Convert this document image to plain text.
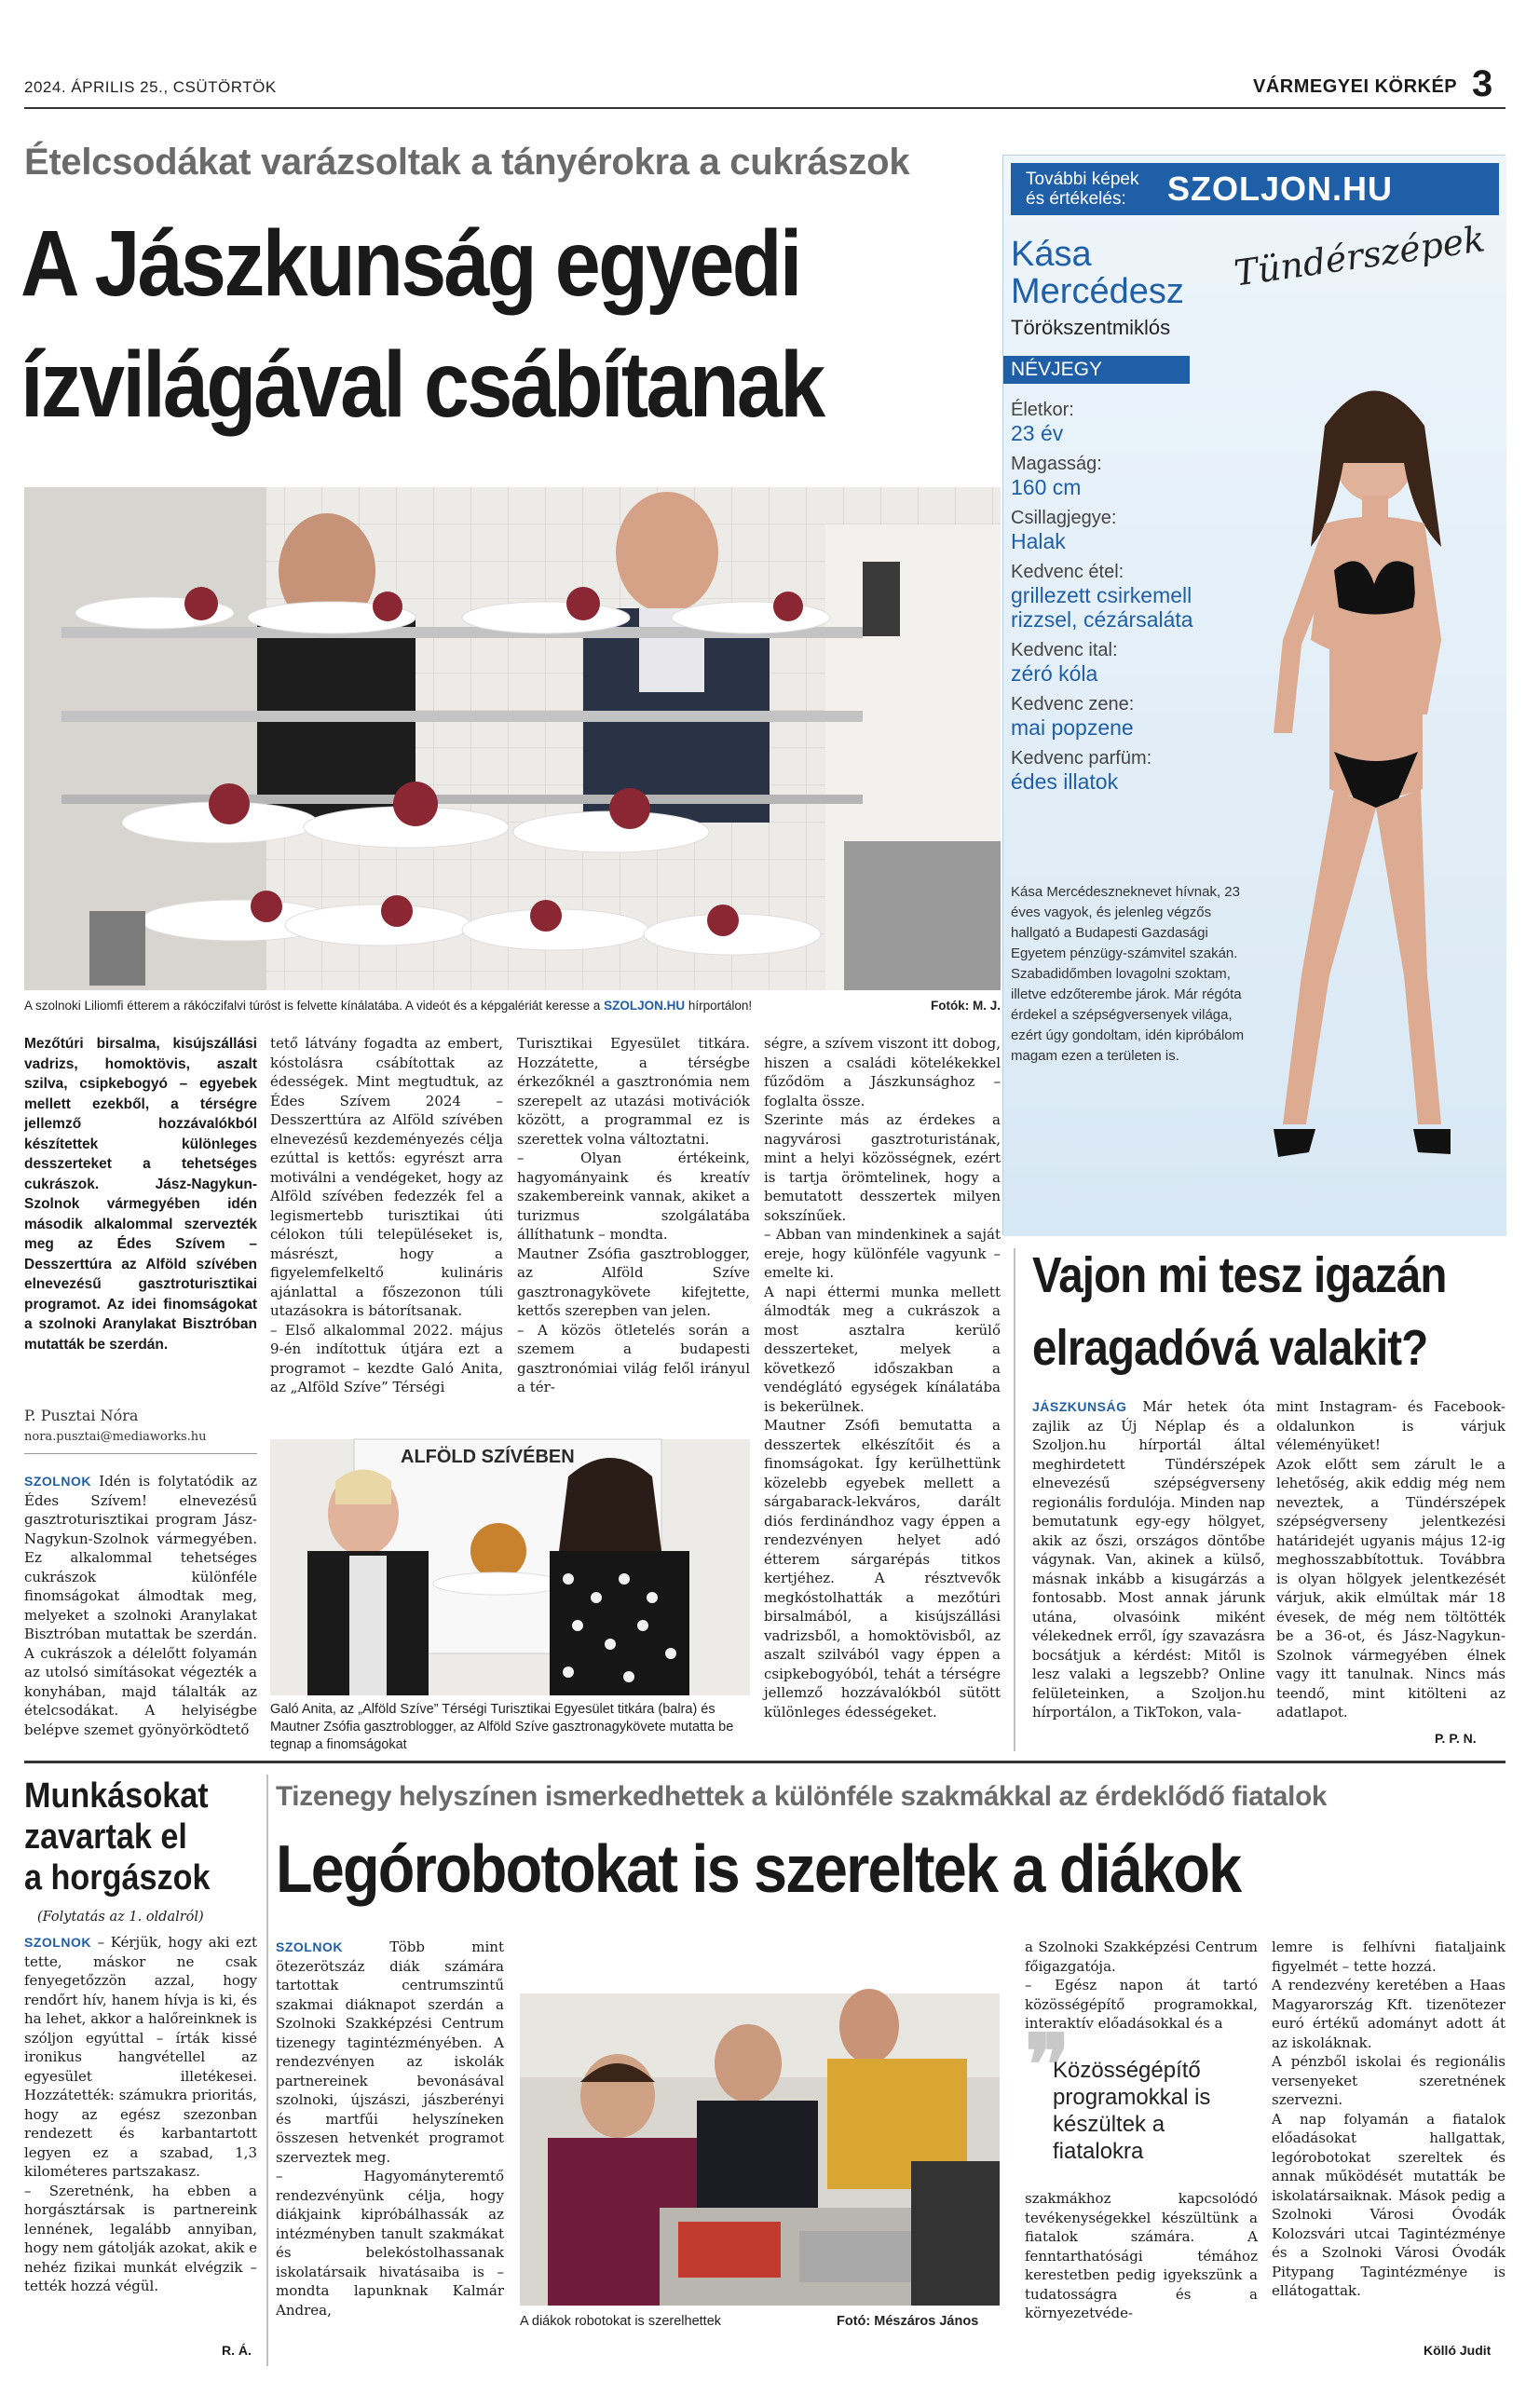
2024. ÁPRILIS 25., CSÜTÖRTÖK	VÁRMEGYEI KÖRKÉP 3
Ételcsodákat varázsoltak a tányérokra a cukrászok
A Jászkunság egyedi
ízvilágával csábítanak
A szolnoki Liliomfi étterem a rákóczifalvi túróst is felvette kínálatába. A videót és a képgalériát keresse a SZOLJON.HU hírportálon!	Fotók: M. J.
Mezőtúri birsalma, kisújszállási vadrizs, homoktövis, aszalt szilva, csipkebogyó – egyebek mellett ezekből, a térségre jellemző hozzávalókból készítettek különleges desszerteket a tehetséges cukrászok. Jász-Nagykun-Szolnok vármegyében idén második alkalommal szervezték meg az Édes Szívem – Desszerttúra az Alföld szívében elnevezésű gasztroturisztikai programot. Az idei finomságokat a szolnoki Aranylakat Bisztróban mutatták be szerdán.
P. Pusztai Nóra
nora.pusztai@mediaworks.hu
SZOLNOK Idén is folytatódik az Édes Szívem! elnevezésű gasztroturisztikai program Jász-Nagykun-Szolnok vármegyében. Ez alkalommal tehetséges cukrászok különféle finomságokat álmodtak meg, melyeket a szolnoki Aranylakat Bisztróban mutattak be szerdán. A cukrászok a délelőtt folyamán az utolsó simításokat végezték a konyhában, majd tálalták az ételcsodákat. A helyiségbe belépve szemet gyönyörködtető
tető látvány fogadta az embert, kóstolásra csábítottak az édességek. Mint megtudtuk, az Édes Szívem 2024 – Desszerttúra az Alföld szívében elnevezésű kezdeményezés célja ezúttal is kettős: egyrészt arra motiválni a vendégeket, hogy az Alföld szívében fedezzék fel a legismertebb turisztikai úti célokon túli településeket is, másrészt, hogy a figyelemfelkeltő kulináris ajánlattal a főszezonon túli utazásokra is bátorítsanak.
– Első alkalommal 2022. május 9-én indítottuk útjára ezt a programot – kezdte Galó Anita, az „Alföld Szíve” Térségi
Turisztikai Egyesület titkára. Hozzátette, a térségbe érkezőknél a gasztronómia nem szerepelt az utazási motivációk között, a programmal ez is szerettek volna változtatni.
– Olyan értékeink, hagyományaink és kreatív szakembereink vannak, akiket a turizmus szolgálatába állíthatunk – mondta.
Mautner Zsófia gasztroblogger, az Alföld Szíve gasztronagykövete kifejtette, kettős szerepben van jelen.
– A közös ötletelés során a szemem a budapesti gasztronómiai világ felől irányul a tér-
ségre, a szívem viszont itt dobog, hiszen a családi kötelékekkel fűződöm a Jászkunsághoz – foglalta össze.
Szerinte más az érdekes a nagyvárosi gasztroturistának, mint a helyi közösségnek, ezért is tartja örömtelinek, hogy a bemutatott desszertek milyen sokszínűek.
– Abban van mindenkinek a saját ereje, hogy különféle vagyunk – emelte ki.
A napi éttermi munka mellett álmodták meg a cukrászok a most asztalra kerülő desszerteket, melyek a következő időszakban a vendéglátó egységek kínálatába is bekerülnek.
Mautner Zsófi bemutatta a desszertek elkészítőit és a finomságokat. Így kerülhettünk közelebb egyebek mellett a sárgabarack-lekváros, darált diós ferdinándhoz vagy éppen a rendezvényen helyet adó étterem sárgarépás titkos kertjéhez. A résztvevők megkóstolhatták a mezőtúri birsalmából, a kisújszállási vadrizsből, a homoktövisből, az aszalt szilvából vagy éppen a csipkebogyóból, tehát a térségre jellemző hozzávalókból sütött különleges édességeket.
ALFÖLD SZÍVÉBEN
Galó Anita, az „Alföld Szíve” Térségi Turisztikai Egyesület titkára (balra) és Mautner Zsófia gasztroblogger, az Alföld Szíve gasztronagykövete mutatta be tegnap a finomságokat
További képek
és értékelés: SZOLJON.HU
Kása
Mercédesz
Törökszentmiklós
Tündérszépek
NÉVJEGY
Életkor:
23 év
Magasság:
160 cm
Csillagjegye:
Halak
Kedvenc étel:
grillezett csirkemell rizzsel, cézársaláta
Kedvenc ital:
zéró kóla
Kedvenc zene:
mai popzene
Kedvenc parfüm:
édes illatok
Kása Mercédeszneknevet hívnak, 23 éves vagyok, és jelenleg végzős hallgató a Budapesti Gazdasági Egyetem pénzügy-számvitel szakán. Szabadidőmben lovagolni szoktam, illetve edzőterembe járok. Már régóta érdekel a szépségversenyek világa, ezért úgy gondoltam, idén kipróbálom magam ezen a területen is.
Vajon mi tesz igazán
elragadóvá valakit?
JÁSZKUNSÁG Már hetek óta zajlik az Új Néplap és a Szoljon.hu hírportál által meghirdetett Tündérszépek elnevezésű szépségverseny regionális fordulója. Minden nap bemutatunk egy-egy hölgyet, akik az őszi, országos döntőbe vágynak. Van, akinek a külső, másnak inkább a kisugárzás a fontosabb. Most annak járunk utána, olvasóink miként vélekednek erről, így szavazásra bocsátjuk a kérdést: Mitől is lesz valaki a legszebb? Online felületeinken, a Szoljon.hu hírportálon, a TikTokon, vala-
mint Instagram- és Facebook-oldalunkon is várjuk véleményüket!
Azok előtt sem zárult le a lehetőség, akik eddig még nem neveztek, a Tündérszépek szépségverseny jelentkezési határidejét ugyanis május 12-ig meghosszabbítottuk. Továbbra is olyan hölgyek jelentkezését várjuk, akik elmúltak már 18 évesek, de még nem töltötték be a 36-ot, és Jász-Nagykun-Szolnok vármegyében élnek vagy itt tanulnak. Nincs más teendő, mint kitölteni az adatlapot.
P. P. N.
Munkásokat
zavartak el
a horgászok
(Folytatás az 1. oldalról)
SZOLNOK – Kérjük, hogy aki ezt tette, máskor ne csak fenyegetőzzön azzal, hogy rendőrt hív, hanem hívja is ki, és ha lehet, akkor a halőreinknek is szóljon egyúttal – írták kissé ironikus hangvétellel az egyesület illetékesei. Hozzátették: számukra prioritás, hogy az egész szezonban rendezett és karbantartott legyen ez a szabad, 1,3 kilométeres partszakasz.
– Szeretnénk, ha ebben a horgásztársak is partnereink lennének, legalább annyiban, hogy nem gátolják azokat, akik e nehéz fizikai munkát elvégzik – tették hozzá végül.
R. Á.
Tizenegy helyszínen ismerkedhettek a különféle szakmákkal az érdeklődő fiatalok
Legórobotokat is szereltek a diákok
SZOLNOK	Több mint ötezerötszáz diák számára tartottak centrumszintű szakmai diáknapot szerdán a Szolnoki Szakképzési Centrum tizenegy tagintézményében. A rendezvényen az iskolák partnereinek bevonásával szolnoki, újszászi, jászberényi és martfűi helyszíneken összesen hetvenkét programot szerveztek meg.
– Hagyományteremtő rendezvényünk célja, hogy diákjaink kipróbálhassák az intézményben tanult szakmákat és belekóstolhassanak iskolatársaik hivatásaiba is – mondta lapunknak Kalmár Andrea,
A diákok robotokat is szerelhettek	Fotó: Mészáros János
a Szolnoki Szakképzési Centrum főigazgatója.
– Egész napon át tartó közösségépítő programokkal, interaktív előadásokkal és a
❞
Közösségépítő programokkal is készültek a fiatalokra
szakmákhoz kapcsolódó tevékenységekkel készültünk a fiatalok számára. A fenntarthatósági témához kerestetben pedig igyekszünk a tudatosságra és a környezetvéde-
lemre is felhívni fiataljaink figyelmét – tette hozzá.
A rendezvény keretében a Haas Magyarország Kft. tizenötezer euró értékű adományt adott át az iskoláknak.
A pénzből iskolai és regionális versenyeket szeretnének szervezni.
A nap folyamán a fiatalok előadásokat hallgattak, legórobotokat szereltek és annak működését mutatták be iskolatársaiknak. Mások pedig a Szolnoki Városi Óvodák Kolozsvári utcai Tagintézménye és a Szolnoki Városi Óvodák Pitypang Tagintézménye is ellátogattak.
Kölló Judit
